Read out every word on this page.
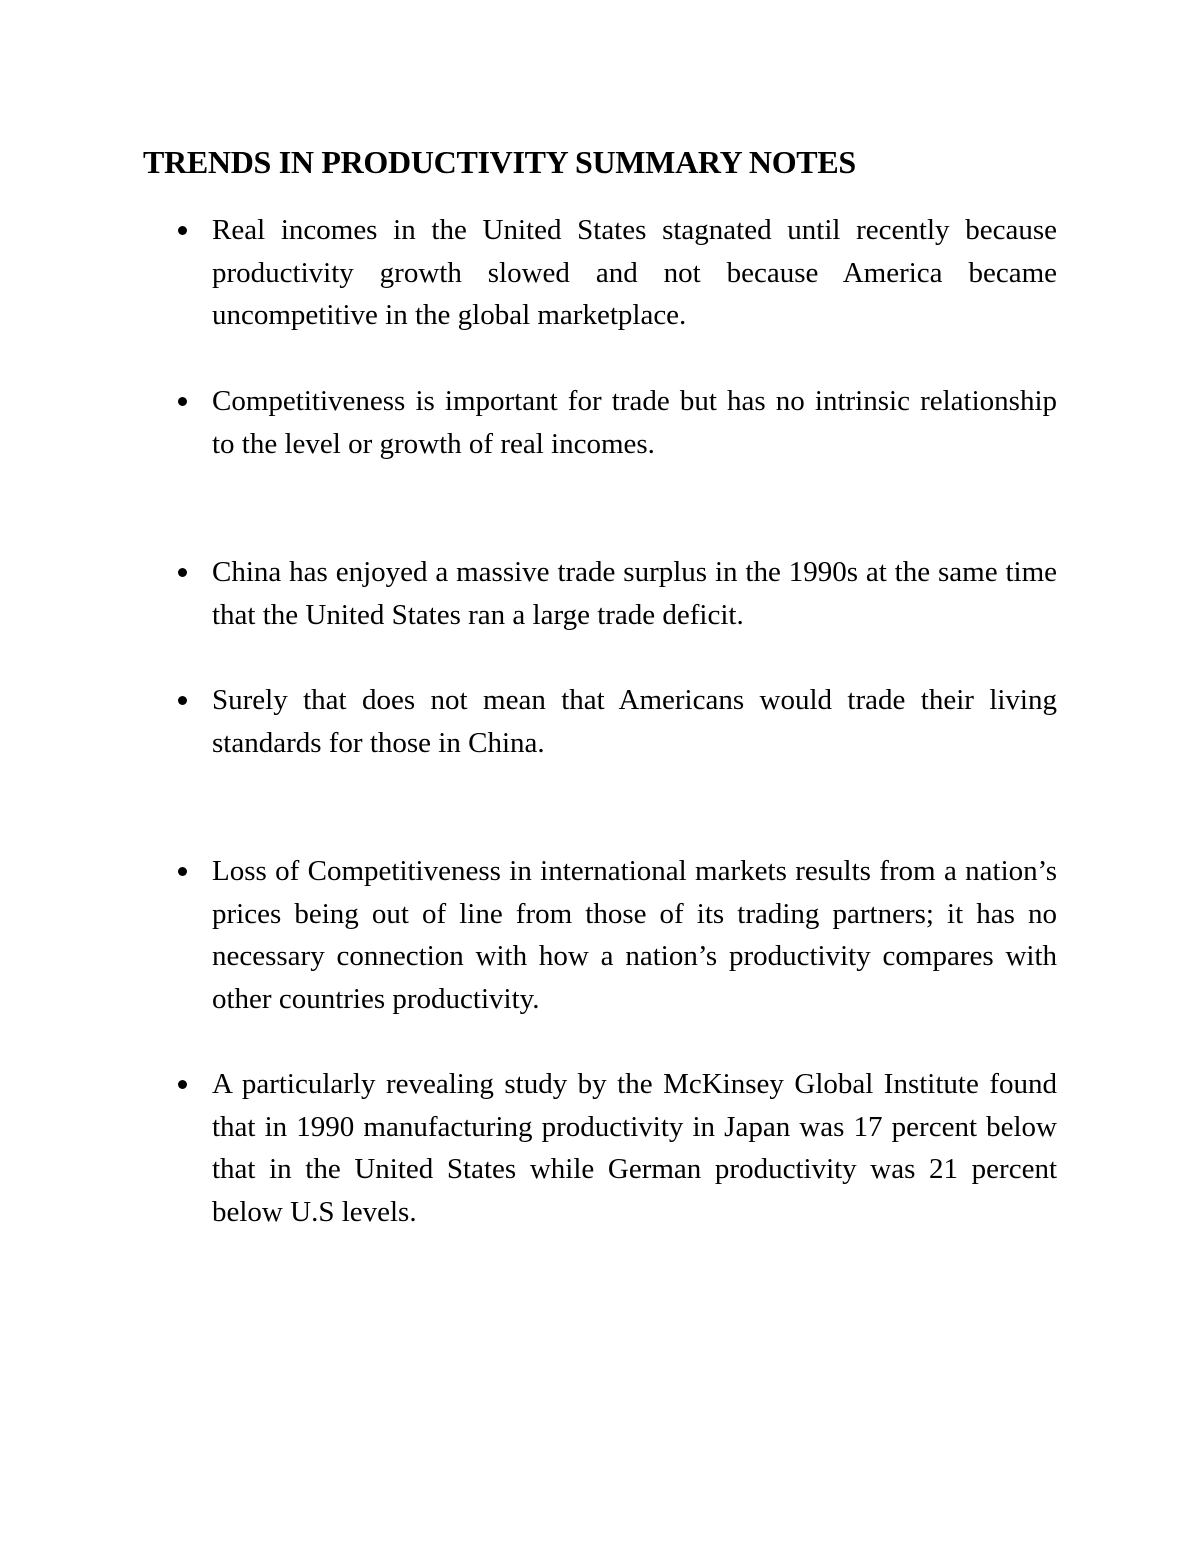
TRENDS IN PRODUCTIVITY SUMMARY NOTES
Real incomes in the United States stagnated until recently because productivity growth slowed and not because America became uncompetitive in the global marketplace.
Competitiveness is important for trade but has no intrinsic relationship to the level or growth of real incomes.
China has enjoyed a massive trade surplus in the 1990s at the same time that the United States ran a large trade deficit.
Surely that does not mean that Americans would trade their living standards for those in China.
Loss of Competitiveness in international markets results from a nation’s prices being out of line from those of its trading partners; it has no necessary connection with how a nation’s productivity compares with other countries productivity.
A particularly revealing study by the McKinsey Global Institute found that in 1990 manufacturing productivity in Japan was 17 percent below that in the United States while German productivity was 21 percent below U.S levels.
